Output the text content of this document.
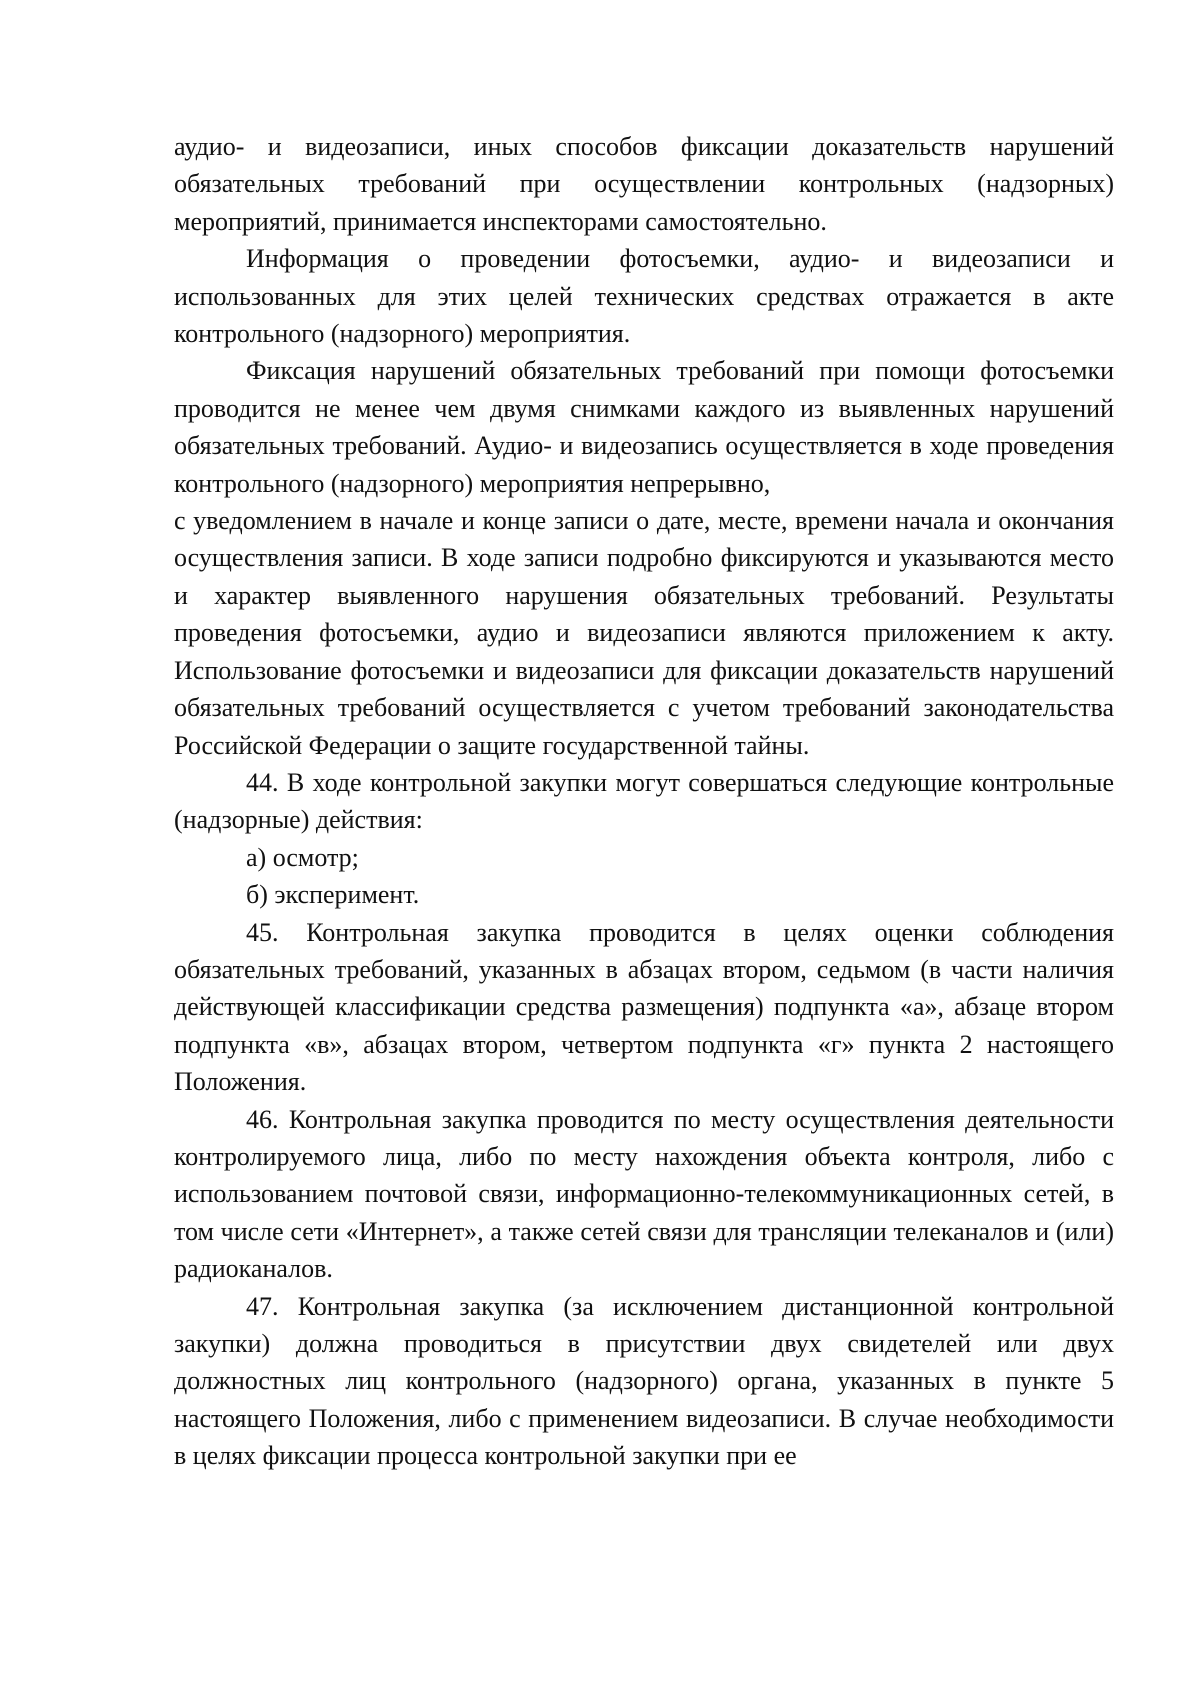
аудио- и видеозаписи, иных способов фиксации доказательств нарушений обязательных требований при осуществлении контрольных (надзорных) мероприятий, принимается инспекторами самостоятельно.

Информация о проведении фотосъемки, аудио- и видеозаписи и использованных для этих целей технических средствах отражается в акте контрольного (надзорного) мероприятия.

Фиксация нарушений обязательных требований при помощи фотосъемки проводится не менее чем двумя снимками каждого из выявленных нарушений обязательных требований. Аудио- и видеозапись осуществляется в ходе проведения контрольного (надзорного) мероприятия непрерывно,

с уведомлением в начале и конце записи о дате, месте, времени начала и окончания осуществления записи. В ходе записи подробно фиксируются и указываются место и характер выявленного нарушения обязательных требований. Результаты проведения фотосъемки, аудио и видеозаписи являются приложением к акту. Использование фотосъемки и видеозаписи для фиксации доказательств нарушений обязательных требований осуществляется с учетом требований законодательства Российской Федерации о защите государственной тайны.

44. В ходе контрольной закупки могут совершаться следующие контрольные (надзорные) действия:

а) осмотр;

б) эксперимент.

45. Контрольная закупка проводится в целях оценки соблюдения обязательных требований, указанных в абзацах втором, седьмом (в части наличия действующей классификации средства размещения) подпункта «а», абзаце втором подпункта «в», абзацах втором, четвертом подпункта «г» пункта 2 настоящего Положения.

46. Контрольная закупка проводится по месту осуществления деятельности контролируемого лица, либо по месту нахождения объекта контроля, либо с использованием почтовой связи, информационно-телекоммуникационных сетей, в том числе сети «Интернет», а также сетей связи для трансляции телеканалов и (или) радиоканалов.

47. Контрольная закупка (за исключением дистанционной контрольной закупки) должна проводиться в присутствии двух свидетелей или двух должностных лиц контрольного (надзорного) органа, указанных в пункте 5 настоящего Положения, либо с применением видеозаписи. В случае необходимости в целях фиксации процесса контрольной закупки при ее
